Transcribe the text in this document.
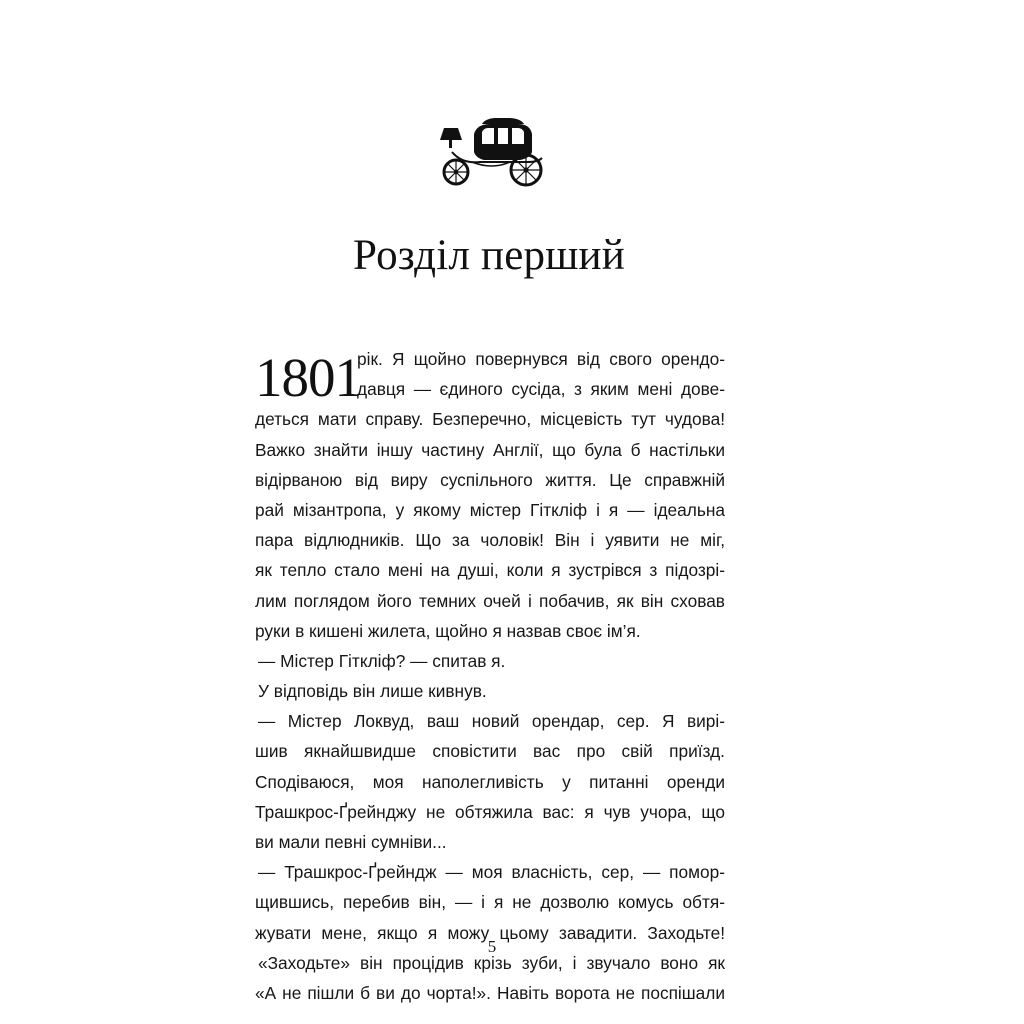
Розділ перший
1801
рік. Я щойно повернувся від свого орендо-
давця — єдиного сусіда, з яким мені дове-
деться мати справу. Безперечно, місцевість тут чудова!
Важко знайти іншу частину Англії, що була б настільки
відірваною від виру суспільного життя. Це справжній
рай мізантропа, у якому містер Гіткліф і я — ідеальна
пара відлюдників. Що за чоловік! Він і уявити не міг,
як тепло стало мені на душі, коли я зустрівся з підозрі-
лим поглядом його темних очей і побачив, як він сховав
руки в кишені жилета, щойно я назвав своє ім’я.
— Містер Гіткліф? — спитав я.
У відповідь він лише кивнув.
— Містер Локвуд, ваш новий орендар, сер. Я вирі-
шив якнайшвидше сповістити вас про свій приїзд.
Сподіваюся, моя наполегливість у питанні оренди
Трашкрос-Ґрейнджу не обтяжила вас: я чув учора, що
ви мали певні сумніви...
— Трашкрос-Ґрейндж — моя власність, сер, — помор-
щившись, перебив він, — і я не дозволю комусь обтя-
жувати мене, якщо я можу цьому завадити. Заходьте!
«Заходьте» він процідив крізь зуби, і звучало воно як
«А не пішли б ви до чорта!». Навіть ворота не поспішали
5
